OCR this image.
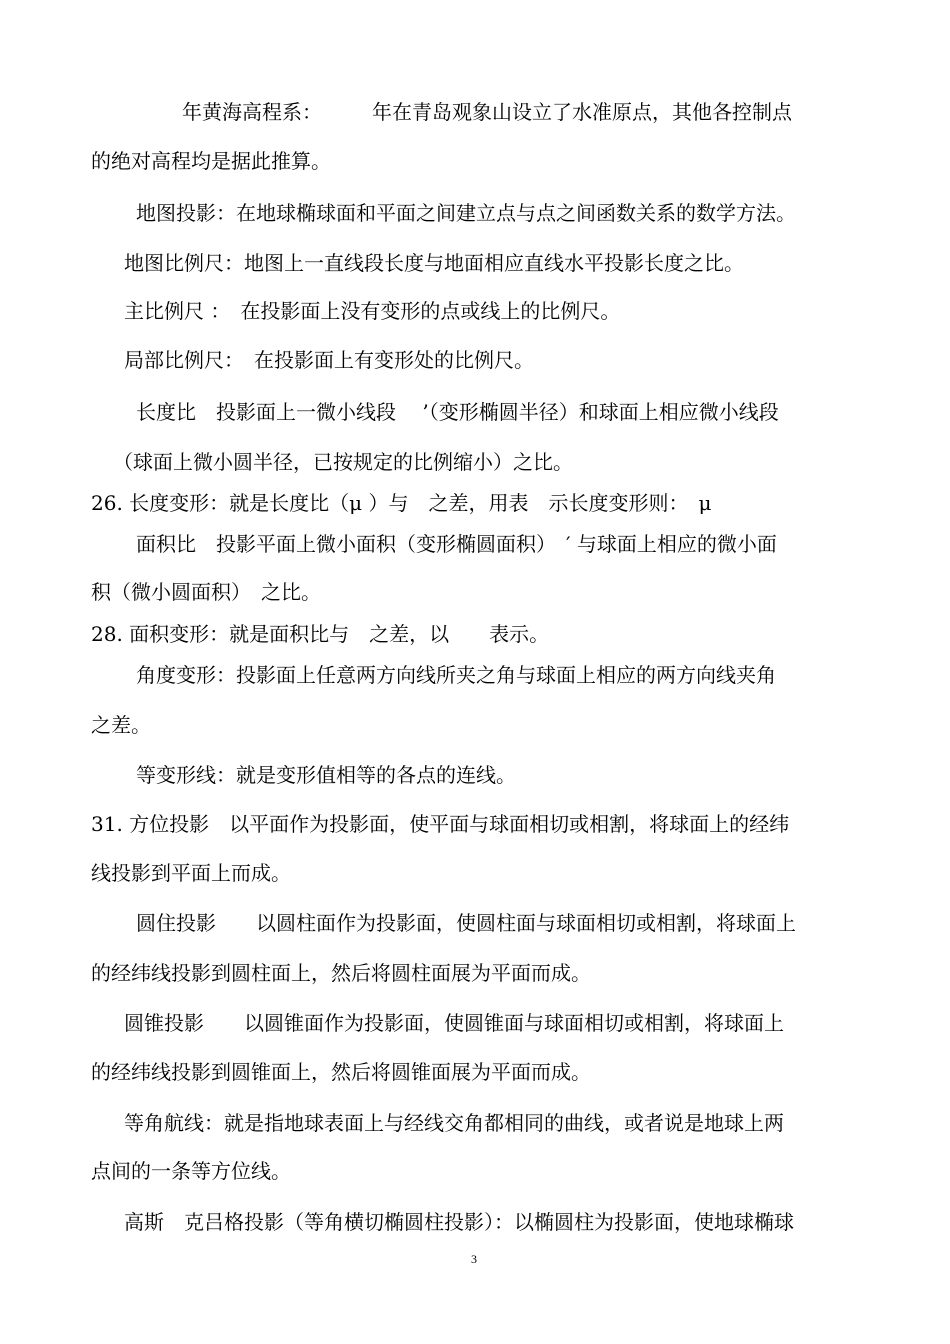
年黄海高程系：　　　年在青岛观象山设立了水准原点，其他各控制点
的绝对高程均是据此推算。
地图投影：在地球椭球面和平面之间建立点与点之间函数关系的数学方法。
地图比例尺：地图上一直线段长度与地面相应直线水平投影长度之比。
主比例尺 ：　在投影面上没有变形的点或线上的比例尺。
局部比例尺：　在投影面上有变形处的比例尺。
长度比　投影面上一微小线段　 ’（变形椭圆半径）和球面上相应微小线段
（球面上微小圆半径，已按规定的比例缩小）之比。
26. 长度变形：就是长度比（μ ）与　之差，用表　示长度变形则：　μ
面积比　投影平面上微小面积（变形椭圆面积）　′ 与球面上相应的微小面
积（微小圆面积）　之比。
28. 面积变形：就是面积比与　之差，以　　表示。
角度变形：投影面上任意两方向线所夹之角与球面上相应的两方向线夹角
之差。
等变形线：就是变形值相等的各点的连线。
31. 方位投影　以平面作为投影面，使平面与球面相切或相割，将球面上的经纬
线投影到平面上而成。
圆住投影　　以圆柱面作为投影面，使圆柱面与球面相切或相割，将球面上
的经纬线投影到圆柱面上，然后将圆柱面展为平面而成。
圆锥投影　　以圆锥面作为投影面，使圆锥面与球面相切或相割，将球面上
的经纬线投影到圆锥面上，然后将圆锥面展为平面而成。
等角航线：就是指地球表面上与经线交角都相同的曲线，或者说是地球上两
点间的一条等方位线。
高斯　克吕格投影（等角横切椭圆柱投影）：以椭圆柱为投影面，使地球椭球
3
